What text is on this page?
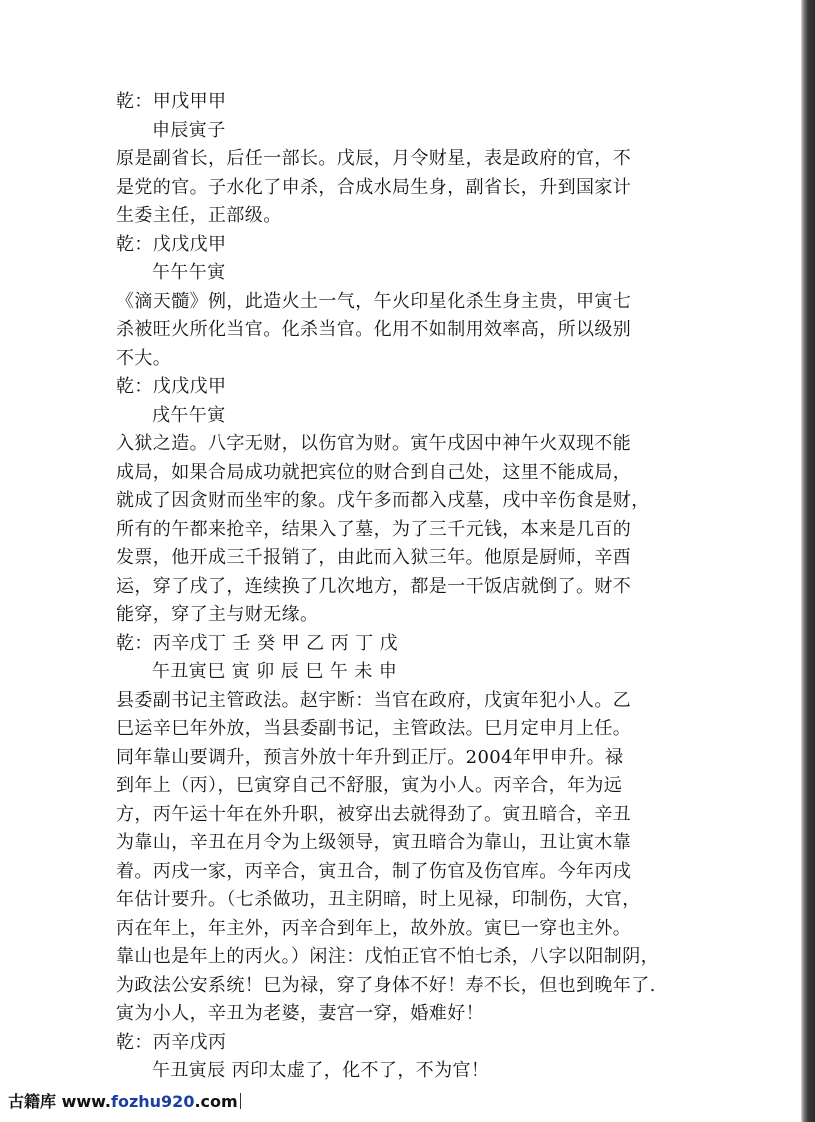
乾：甲戊甲甲
申辰寅子
原是副省长，后任一部长。戊辰，月令财星，表是政府的官，不
是党的官。子水化了申杀，合成水局生身，副省长，升到国家计
生委主任，正部级。
乾：戊戊戊甲
午午午寅
《滴天髓》例，此造火土一气，午火印星化杀生身主贵，甲寅七
杀被旺火所化当官。化杀当官。化用不如制用效率高，所以级别
不大。
乾：戊戊戊甲
戌午午寅
入狱之造。八字无财，以伤官为财。寅午戌因中神午火双现不能
成局，如果合局成功就把宾位的财合到自己处，这里不能成局，
就成了因贪财而坐牢的象。戊午多而都入戌墓，戌中辛伤食是财，
所有的午都来抢辛，结果入了墓，为了三千元钱，本来是几百的
发票，他开成三千报销了，由此而入狱三年。他原是厨师，辛酉
运，穿了戌了，连续换了几次地方，都是一干饭店就倒了。财不
能穿，穿了主与财无缘。
乾：丙辛戊丁 壬 癸 甲 乙 丙 丁 戊
午丑寅巳 寅 卯 辰 巳 午 未 申
县委副书记主管政法。赵宇断：当官在政府，戊寅年犯小人。乙
巳运辛巳年外放，当县委副书记，主管政法。巳月定申月上任。
同年靠山要调升，预言外放十年升到正厅。2004年甲申升。禄
到年上（丙），巳寅穿自己不舒服，寅为小人。丙辛合，年为远
方，丙午运十年在外升职，被穿出去就得劲了。寅丑暗合，辛丑
为靠山，辛丑在月令为上级领导，寅丑暗合为靠山，丑让寅木靠
着。丙戌一家，丙辛合，寅丑合，制了伤官及伤官库。今年丙戌
年估计要升。（七杀做功，丑主阴暗，时上见禄，印制伤，大官，
丙在年上，年主外，丙辛合到年上，故外放。寅巳一穿也主外。
靠山也是年上的丙火。）闲注：戊怕正官不怕七杀，八字以阳制阴，
为政法公安系统！巳为禄，穿了身体不好！寿不长，但也到晚年了.
寅为小人，辛丑为老婆，妻宫一穿，婚难好！
乾：丙辛戊丙
午丑寅辰 丙印太虚了，化不了，不为官！
古籍库 www.fozhu920.com
